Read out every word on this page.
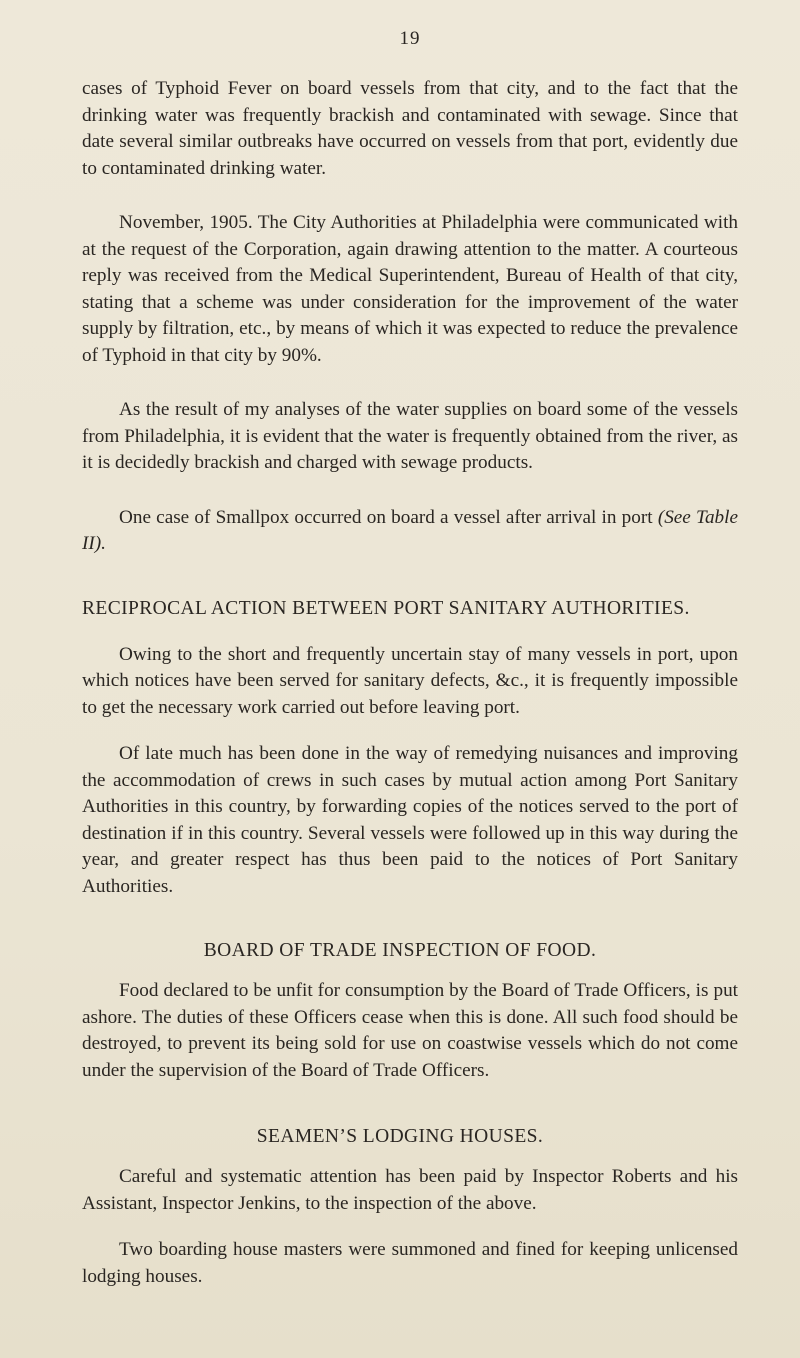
19

cases of Typhoid Fever on board vessels from that city, and to the fact that the drinking water was frequently brackish and contaminated with sewage. Since that date several similar outbreaks have occurred on vessels from that port, evidently due to contaminated drinking water.

November, 1905. The City Authorities at Philadelphia were communicated with at the request of the Corporation, again drawing attention to the matter. A courteous reply was received from the Medical Superintendent, Bureau of Health of that city, stating that a scheme was under consideration for the improvement of the water supply by filtration, etc., by means of which it was expected to reduce the prevalence of Typhoid in that city by 90%.

As the result of my analyses of the water supplies on board some of the vessels from Philadelphia, it is evident that the water is frequently obtained from the river, as it is decidedly brackish and charged with sewage products.

One case of Smallpox occurred on board a vessel after arrival in port (See Table II).

RECIPROCAL ACTION BETWEEN PORT SANITARY AUTHORITIES.

Owing to the short and frequently uncertain stay of many vessels in port, upon which notices have been served for sanitary defects, &c., it is frequently impossible to get the necessary work carried out before leaving port.

Of late much has been done in the way of remedying nuisances and improving the accommodation of crews in such cases by mutual action among Port Sanitary Authorities in this country, by forwarding copies of the notices served to the port of destination if in this country. Several vessels were followed up in this way during the year, and greater respect has thus been paid to the notices of Port Sanitary Authorities.

BOARD OF TRADE INSPECTION OF FOOD.

Food declared to be unfit for consumption by the Board of Trade Officers, is put ashore. The duties of these Officers cease when this is done. All such food should be destroyed, to prevent its being sold for use on coastwise vessels which do not come under the supervision of the Board of Trade Officers.

SEAMEN’S LODGING HOUSES.

Careful and systematic attention has been paid by Inspector Roberts and his Assistant, Inspector Jenkins, to the inspection of the above.

Two boarding house masters were summoned and fined for keeping unlicensed lodging houses.
